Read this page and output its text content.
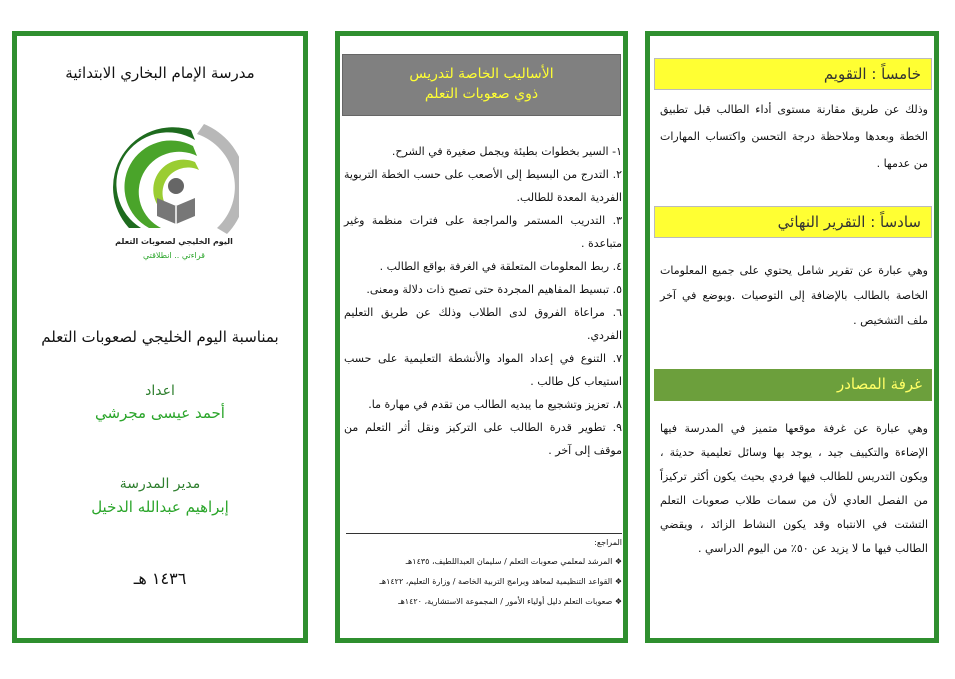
مدرسة الإمام البخاري الابتدائية
٣ مايو
اليوم الخليجي لصعوبات التعلم
قراءتي .. انطلاقتي
بمناسبة اليوم الخليجي لصعوبات التعلم
اعداد
أحمد عيسى مجرشي
مدير المدرسة
إبراهيم عبدالله الدخيل
١٤٣٦ هـ
الأساليب الخاصة لتدريس
ذوي صعوبات التعلم
١- السير بخطوات بطيئة ويجمل صغيرة في الشرح.
٢. التدرج من البسيط إلى الأصعب على حسب الخطة التربوية الفردية المعدة للطالب.
٣. التدريب المستمر والمراجعة على فترات منظمة وغير متباعدة .
٤. ربط المعلومات المتعلقة في الغرفة بواقع الطالب .
٥. تبسيط المفاهيم المجردة حتى تصبح ذات دلالة ومعنى.
٦. مراعاة الفروق لدى الطلاب وذلك عن طريق التعليم الفردي.
٧. التنوع في إعداد المواد والأنشطة التعليمية على حسب استيعاب كل طالب .
٨. تعزيز وتشجيع ما يبديه الطالب من تقدم في مهارة ما.
٩. تطوير قدرة الطالب على التركيز ونقل أثر التعلم من موقف إلى آخر .
المراجع:
❖ المرشد لمعلمي صعوبات التعلم / سليمان العبداللطيف، ١٤٣٥هـ
❖ القواعد التنظيمية لمعاهد وبرامج التربية الخاصة / وزارة التعليم، ١٤٢٢هـ
❖ صعوبات التعلم دليل أولياء الأمور / المجموعة الاستشارية، ١٤٢٠هـ
خامساً : التقويم
وذلك عن طريق مقارنة مستوى أداء الطالب قبل تطبيق الخطة وبعدها وملاحظة درجة التحسن واكتساب المهارات من عدمها .
سادساً : التقرير النهائي
وهي عبارة عن تقرير شامل يحتوي على جميع المعلومات الخاصة بالطالب بالإضافة إلى التوصيات .ويوضع في آخر ملف التشخيص .
غرفة المصادر
وهي عبارة عن غرفة موقعها متميز في المدرسة فيها الإضاءة والتكييف جيد ، يوجد بها وسائل تعليمية حديثة ، ويكون التدريس للطالب فيها فردي بحيث يكون أكثر تركيزاً من الفصل العادي لأن من سمات طلاب صعوبات التعلم التشتت في الانتباه وقد يكون النشاط الزائد ، ويقضي الطالب فيها ما لا يزيد عن ٥٠٪ من اليوم الدراسي .
